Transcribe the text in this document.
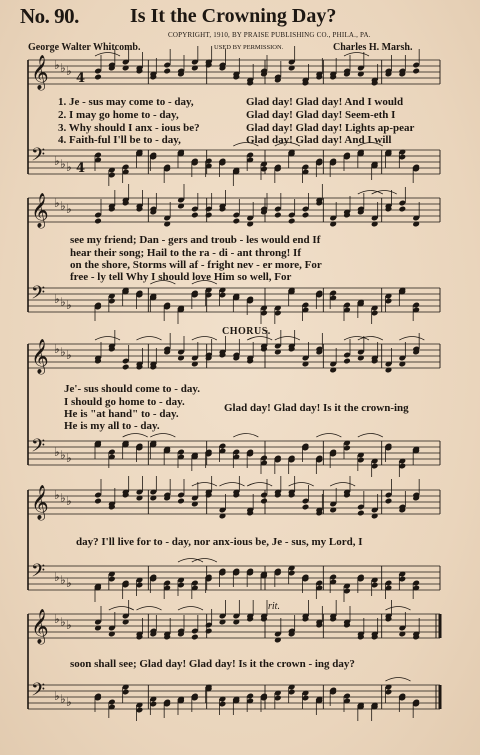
𝄞 ♭ ♭ ♭ 4
𝄢 ♭ ♭ ♭ 4
𝄞 ♭ ♭ ♭
𝄢 ♭ ♭ ♭
𝄞 ♭ ♭ ♭
𝄢 ♭ ♭ ♭
𝄞 ♭ ♭ ♭
𝄢 ♭ ♭ ♭
𝄞 ♭ ♭ ♭
𝄢 ♭ ♭ ♭
No. 90.	Is It the Crowning Day?
COPYRIGHT, 1910, BY PRAISE PUBLISHING CO., PHILA., PA.
George Walter Whitcomb.	USED BY PERMISSION.	Charles H. Marsh.
1. Je - sus may come to - day,
2. I may go home to - day,
3. Why should I anx - ious be?
4. Faith-ful I'll be to - day,
Glad day! Glad day! And I would
Glad day! Glad day! Seem-eth I
Glad day! Glad day! Lights ap-pear
Glad day! Glad day! And I will
see my friend; Dan - gers and troub - les would end If
hear their song; Hail to the ra - di - ant throng! If
on the shore, Storms will af - fright nev - er more, For
free - ly tell Why I should love Him so well, For
CHORUS.
Je'- sus should come to - day.
I should go home to - day.
He is "at hand" to - day.
He is my all to - day.
Glad day! Glad day! Is it the crown-ing
day? I'll live for to - day, nor anx-ious be, Je - sus, my Lord, I
rit.
soon shall see; Glad day! Glad day! Is it the crown - ing day?
